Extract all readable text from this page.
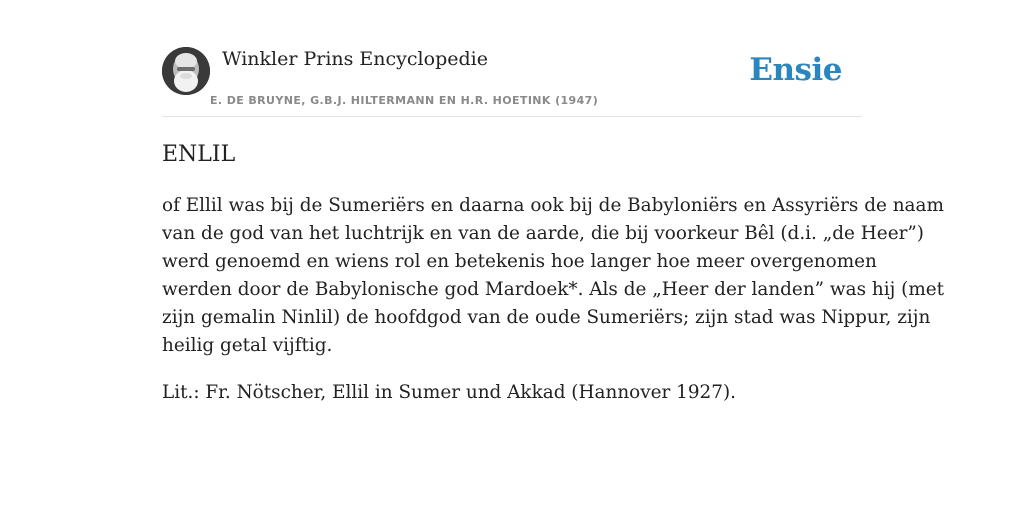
Winkler Prins Encyclopedie

E. DE BRUYNE, G.B.J. HILTERMANN EN H.R. HOETINK (1947)

Ensie
ENLIL

of Ellil was bij de Sumeriërs en daarna ook bij de Babyloniërs en Assyriërs de naam
van de god van het luchtrijk en van de aarde, die bij voorkeur Bêl (d.i. „de Heer”)
werd genoemd en wiens rol en betekenis hoe langer hoe meer overgenomen
werden door de Babylonische god Mardoek*. Als de „Heer der landen” was hij (met
zijn gemalin Ninlil) de hoofdgod van de oude Sumeriërs; zijn stad was Nippur, zijn
heilig getal vijftig.

Lit.: Fr. Nötscher, Ellil in Sumer und Akkad (Hannover 1927).
